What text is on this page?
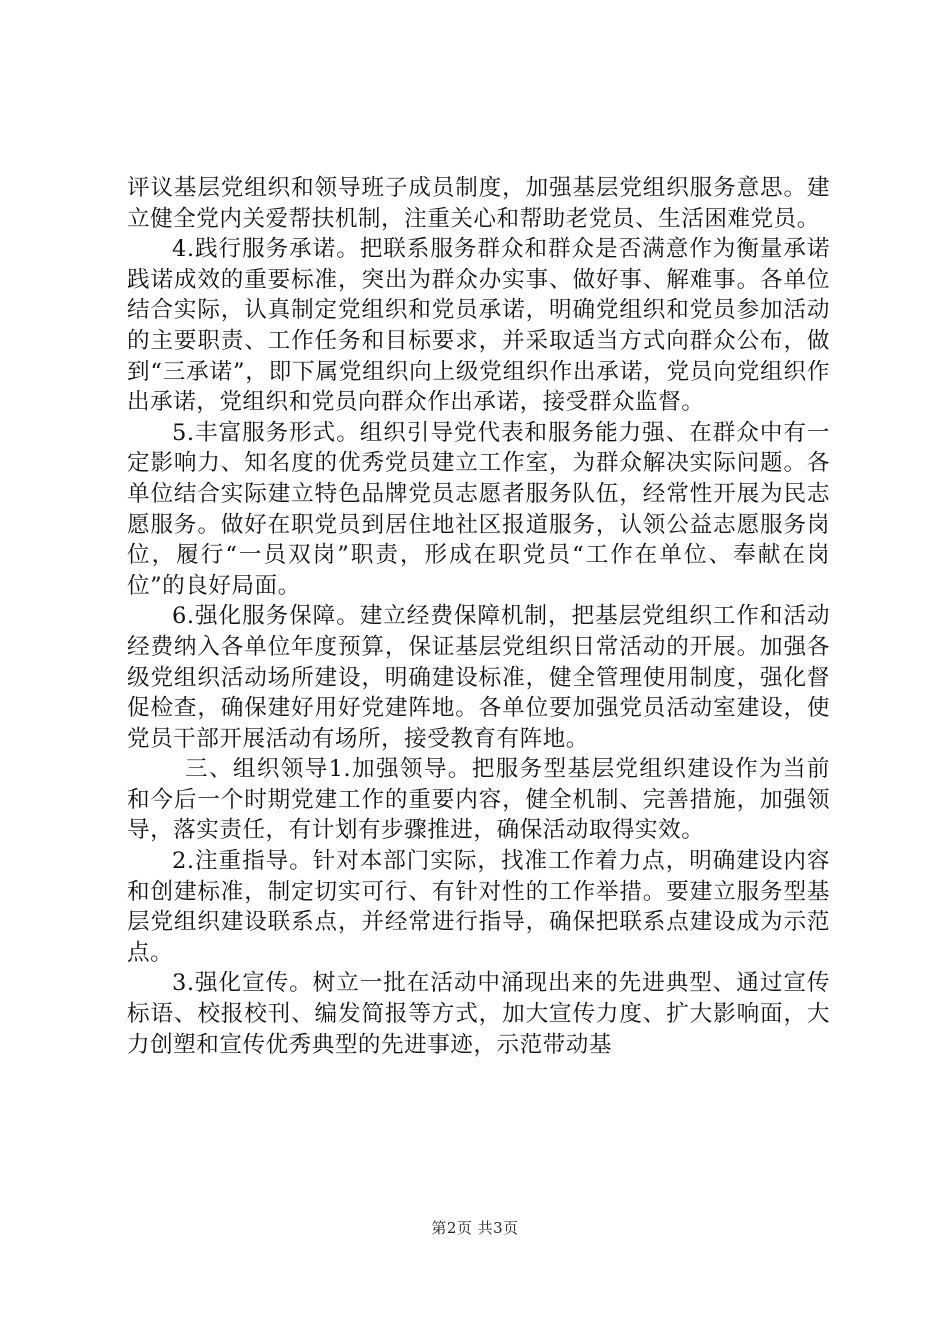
评议基层党组织和领导班子成员制度，加强基层党组织服务意思。建立健全党内关爱帮扶机制，注重关心和帮助老党员、生活困难党员。

4.践行服务承诺。把联系服务群众和群众是否满意作为衡量承诺践诺成效的重要标准，突出为群众办实事、做好事、解难事。各单位结合实际，认真制定党组织和党员承诺，明确党组织和党员参加活动的主要职责、工作任务和目标要求，并采取适当方式向群众公布，做到“三承诺”，即下属党组织向上级党组织作出承诺，党员向党组织作出承诺，党组织和党员向群众作出承诺，接受群众监督。

5.丰富服务形式。组织引导党代表和服务能力强、在群众中有一定影响力、知名度的优秀党员建立工作室，为群众解决实际问题。各单位结合实际建立特色品牌党员志愿者服务队伍，经常性开展为民志愿服务。做好在职党员到居住地社区报道服务，认领公益志愿服务岗位，履行“一员双岗”职责，形成在职党员“工作在单位、奉献在岗位”的良好局面。

6.强化服务保障。建立经费保障机制，把基层党组织工作和活动经费纳入各单位年度预算，保证基层党组织日常活动的开展。加强各级党组织活动场所建设，明确建设标准，健全管理使用制度，强化督促检查，确保建好用好党建阵地。各单位要加强党员活动室建设，使党员干部开展活动有场所，接受教育有阵地。

三、组织领导1.加强领导。把服务型基层党组织建设作为当前和今后一个时期党建工作的重要内容，健全机制、完善措施，加强领导，落实责任，有计划有步骤推进，确保活动取得实效。

2.注重指导。针对本部门实际，找准工作着力点，明确建设内容和创建标准，制定切实可行、有针对性的工作举措。要建立服务型基层党组织建设联系点，并经常进行指导，确保把联系点建设成为示范点。

3.强化宣传。树立一批在活动中涌现出来的先进典型、通过宣传标语、校报校刊、编发简报等方式，加大宣传力度、扩大影响面，大力创塑和宣传优秀典型的先进事迹，示范带动基

第2页 共3页
